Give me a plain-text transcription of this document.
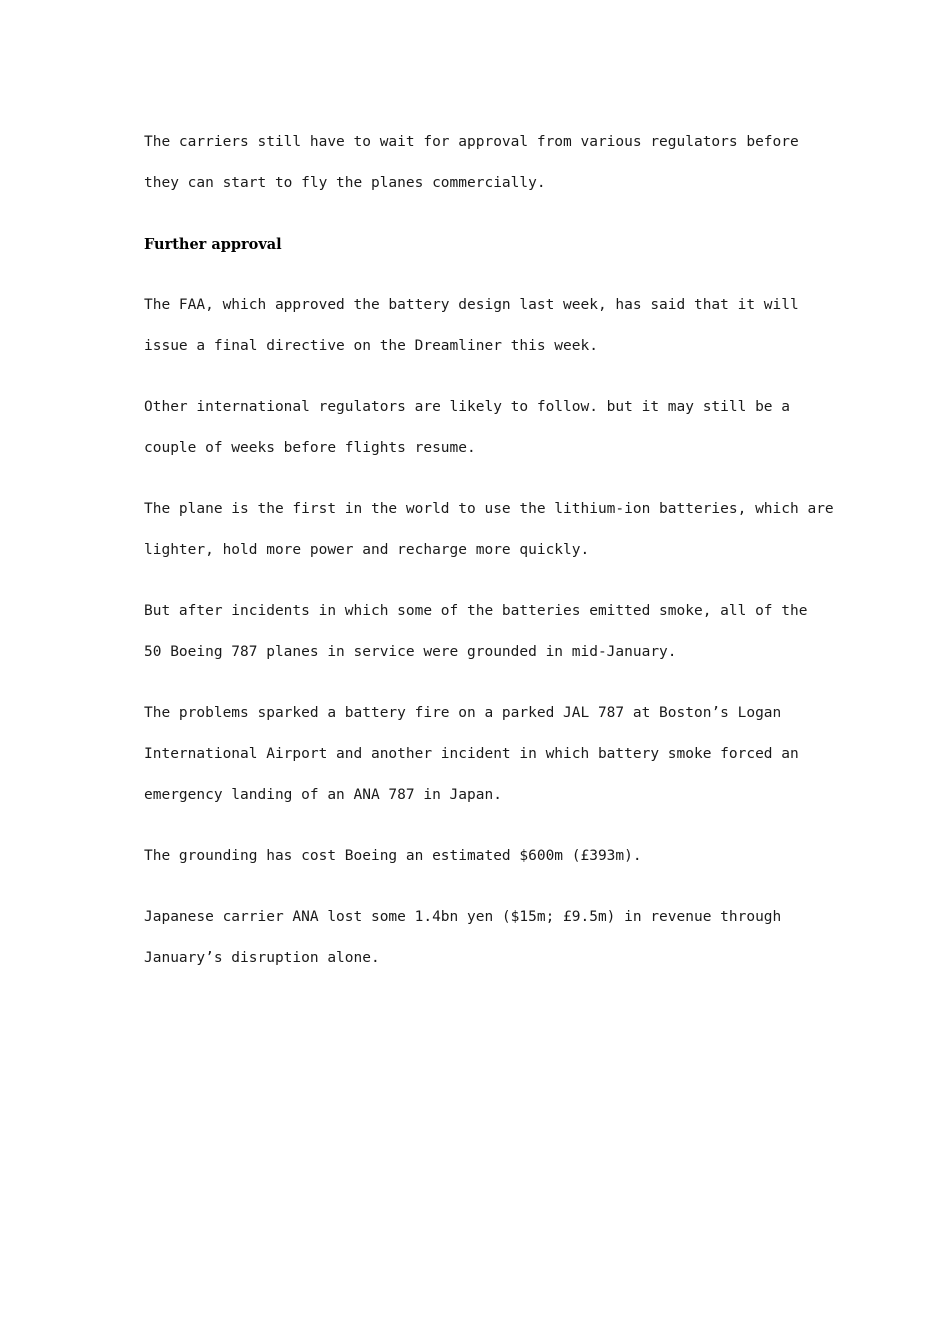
The carriers still have to wait for approval from various regulators before
they can start to fly the planes commercially.

Further approval

The FAA, which approved the battery design last week, has said that it will
issue a final directive on the Dreamliner this week.

Other international regulators are likely to follow. but it may still be a
couple of weeks before flights resume.

The plane is the first in the world to use the lithium-ion batteries, which are
lighter, hold more power and recharge more quickly.

But after incidents in which some of the batteries emitted smoke, all of the
50 Boeing 787 planes in service were grounded in mid-January.

The problems sparked a battery fire on a parked JAL 787 at Boston’s Logan
International Airport and another incident in which battery smoke forced an
emergency landing of an ANA 787 in Japan.

The grounding has cost Boeing an estimated $600m (£393m).

Japanese carrier ANA lost some 1.4bn yen ($15m; £9.5m) in revenue through
January’s disruption alone.
